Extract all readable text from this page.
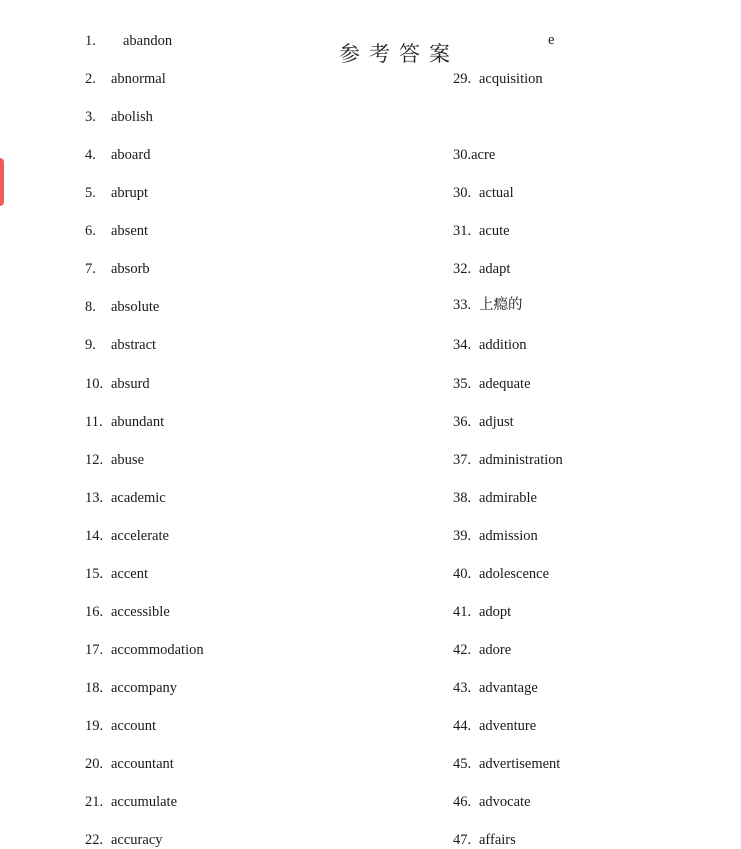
参考答案
e
1. abandon
2. abnormal
3. abolish
4. aboard
5. abrupt
6. absent
7. absorb
8. absolute
9. abstract
10. absurd
11. abundant
12. abuse
13. academic
14. accelerate
15. accent
16. accessible
17. accommodation
18. accompany
19. account
20. accountant
21. accumulate
22. accuracy
29. acquisition
30.acre
30. actual
31. acute
32. adapt
33. 上瘾的
34. addition
35. adequate
36. adjust
37. administration
38. admirable
39. admission
40. adolescence
41. adopt
42. adore
43. advantage
44. adventure
45. advertisement
46. advocate
47. affairs
